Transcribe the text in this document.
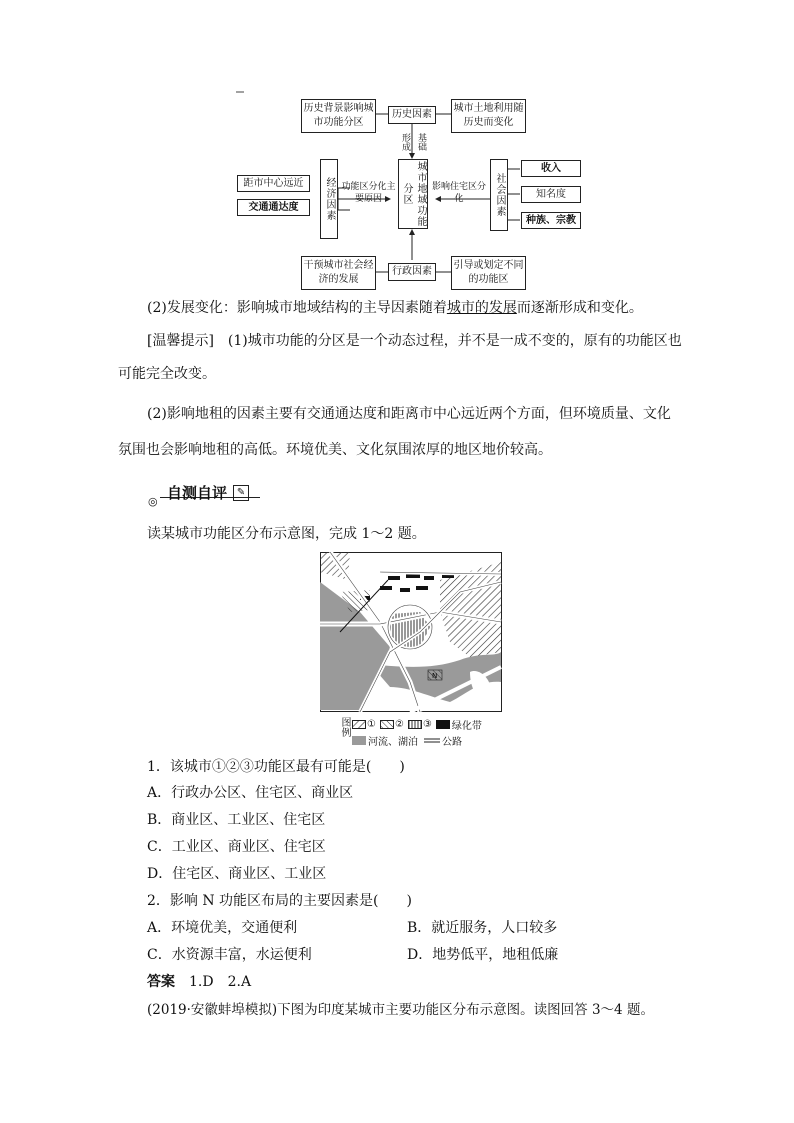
历史背景影响城市功能分区
历史因素
城市土地利用随历史而变化
形成 基础
城市地域功能分区
经济因素 功能区分化主要原因
距市中心远近
交通通达度	社会因素
影响住宅区分化
收入
知名度
种族、宗教
干预城市社会经济的发展
行政因素
引导或划定不同的功能区
(2)发展变化：影响城市地域结构的主导因素随着城市的发展而逐渐形成和变化。
[温馨提示]　(1)城市功能的分区是一个动态过程，并不是一成不变的，原有的功能区也
可能完全改变。
(2)影响地租的因素主要有交通通达度和距离市中心远近两个方面，但环境质量、文化
氛围也会影响地租的高低。环境优美、文化氛围浓厚的地区地价较高。
◎ 自测自评 ✎
读某城市功能区分布示意图，完成 1～2 题。
N
图例 ① ② ③ 绿化带
河流、湖泊 公路
1．该城市①②③功能区最有可能是(　　)
A．行政办公区、住宅区、商业区
B．商业区、工业区、住宅区
C．工业区、商业区、住宅区
D．住宅区、商业区、工业区
2．影响 N 功能区布局的主要因素是(　　)
A．环境优美，交通便利	B．就近服务，人口较多
C．水资源丰富，水运便利	D．地势低平，地租低廉
答案　 1.D　2.A
(2019·安徽蚌埠模拟)下图为印度某城市主要功能区分布示意图。读图回答 3～4 题。
